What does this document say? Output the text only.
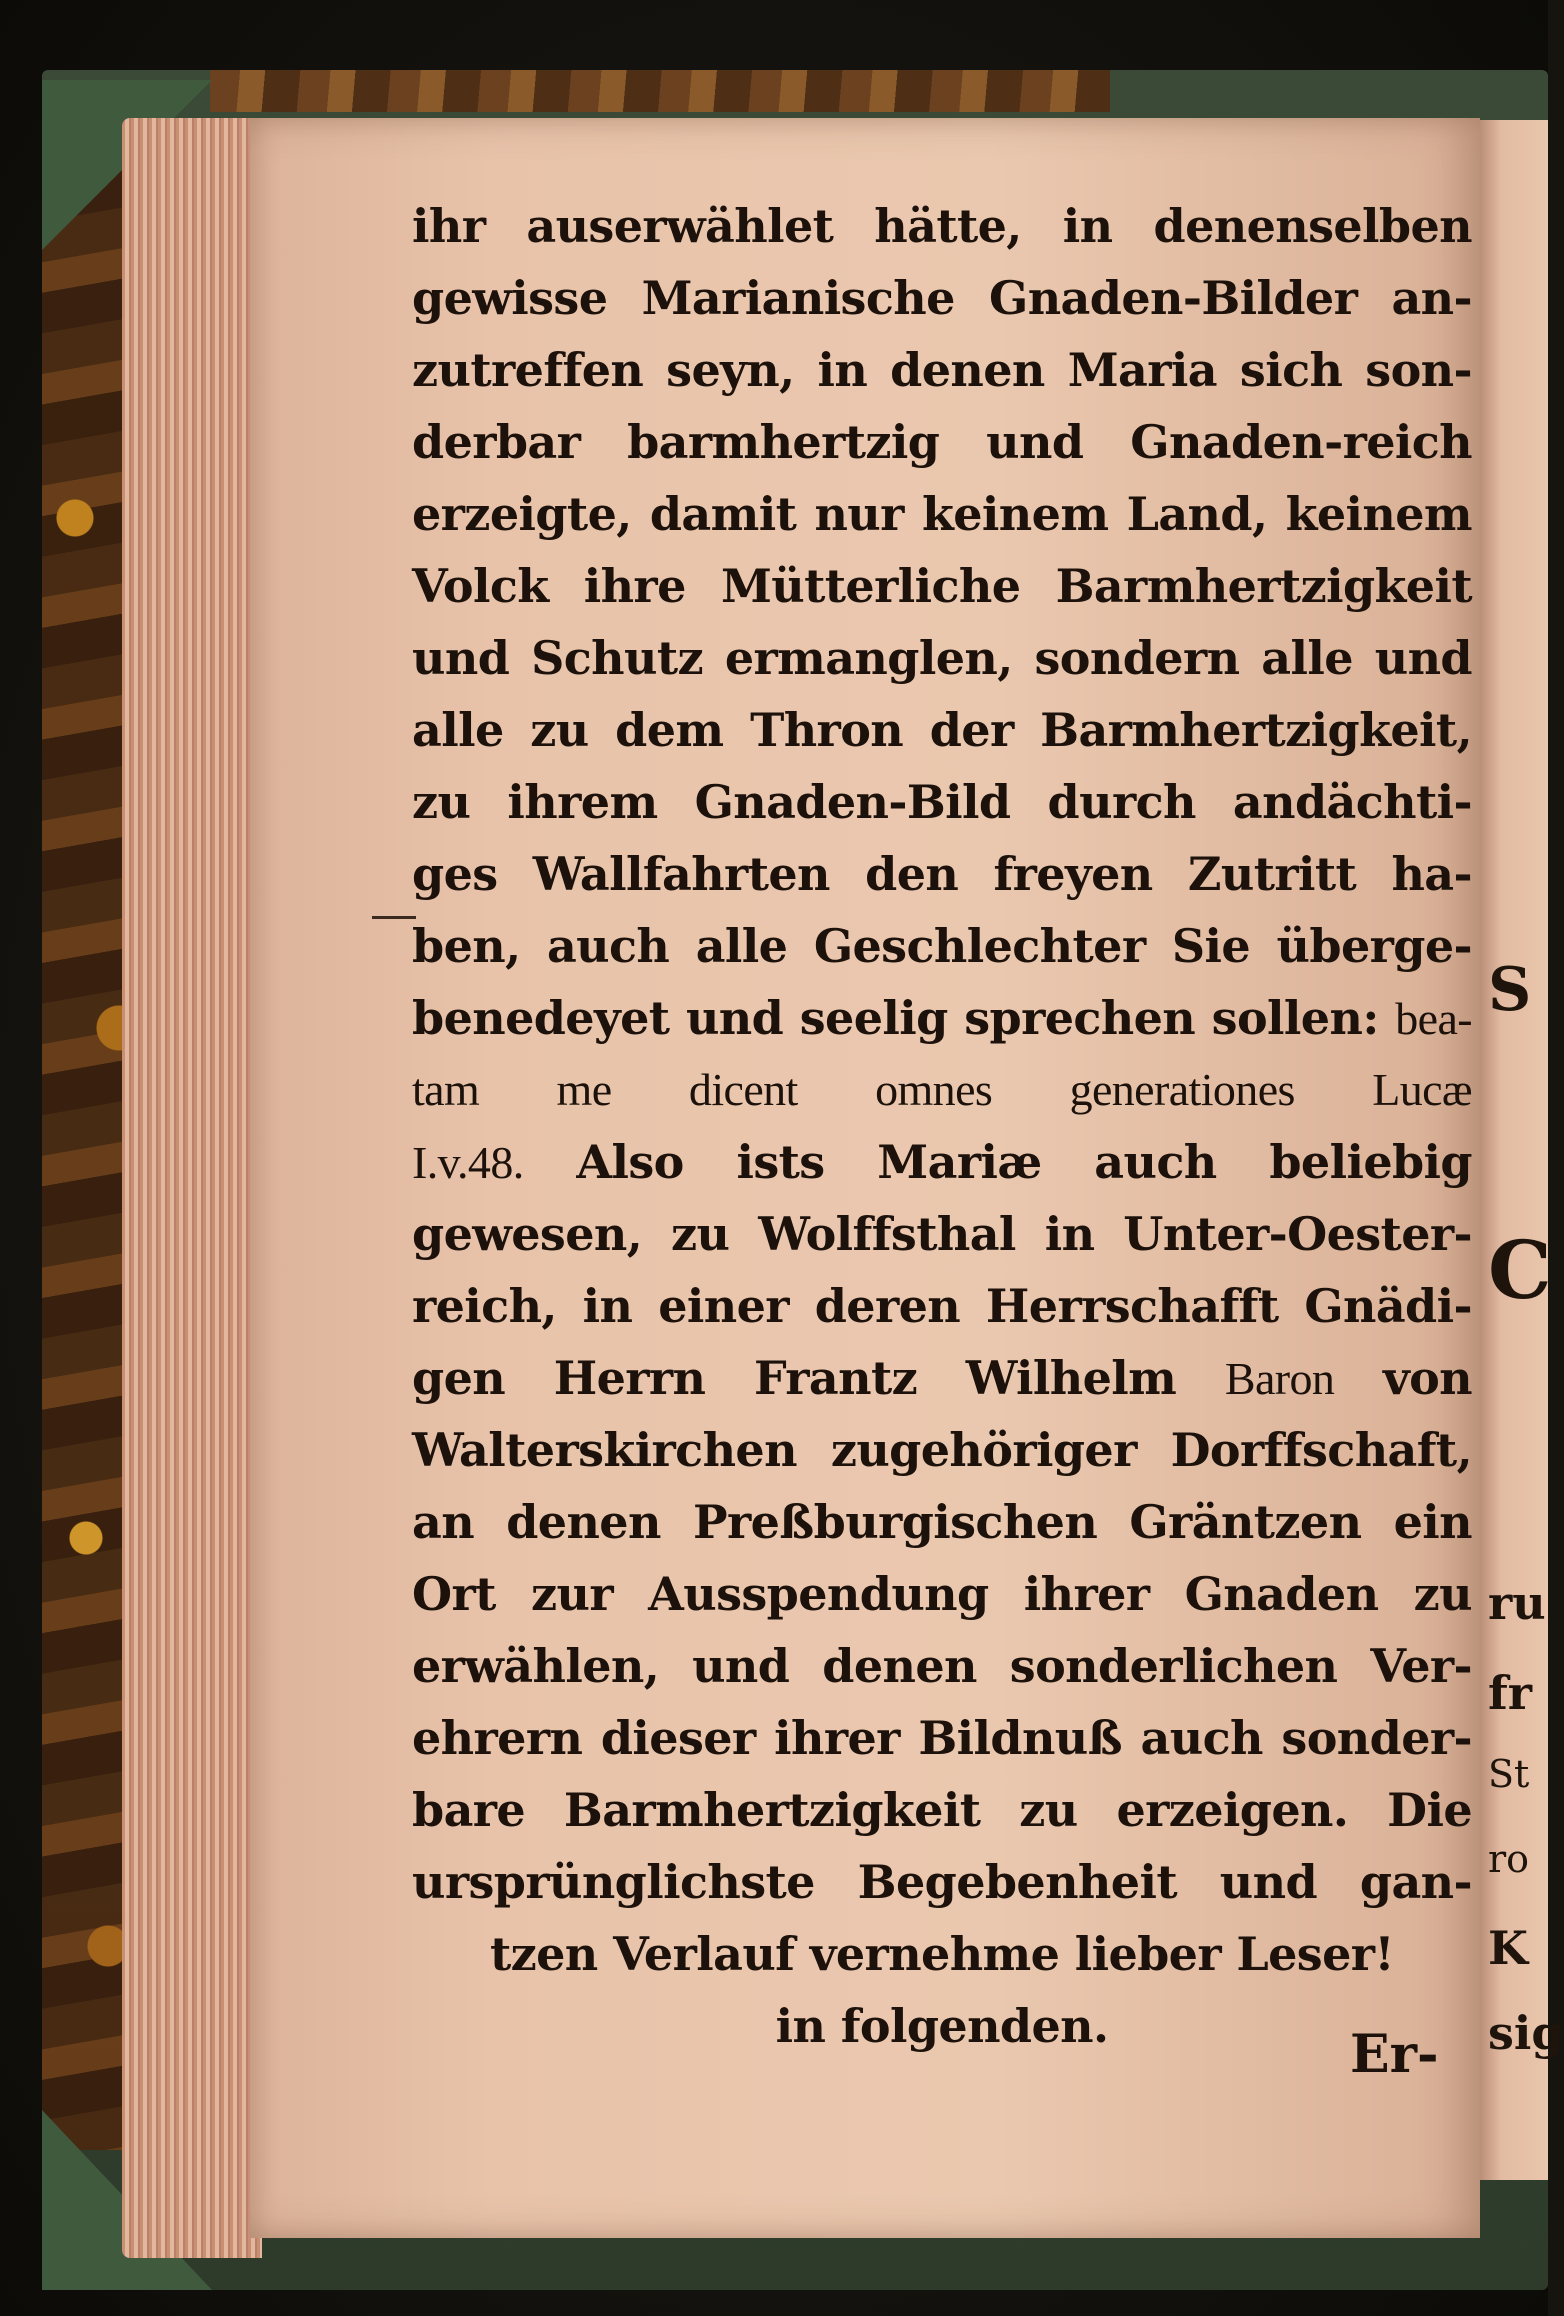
S
C
ru
fr
St
ro
K
sig
ihr auserwählet hätte, in denenselben
gewisse Marianische Gnaden-Bilder an-
zutreffen seyn, in denen Maria sich son-
derbar barmhertzig und Gnaden-reich
erzeigte, damit nur keinem Land, keinem
Volck ihre Mütterliche Barmhertzigkeit
und Schutz ermanglen, sondern alle und
alle zu dem Thron der Barmhertzigkeit,
zu ihrem Gnaden-Bild durch andächti-
ges Wallfahrten den freyen Zutritt ha-
ben, auch alle Geschlechter Sie überge-
benedeyet und seelig sprechen sollen: bea-
tam me dicent omnes generationes Lucæ
I.v.48. Also ists Mariæ auch beliebig
gewesen, zu Wolffsthal in Unter-Oester-
reich, in einer deren Herrschafft Gnädi-
gen Herrn Frantz Wilhelm Baron von
Walterskirchen zugehöriger Dorffschaft,
an denen Preßburgischen Gräntzen ein
Ort zur Ausspendung ihrer Gnaden zu
erwählen, und denen sonderlichen Ver-
ehrern dieser ihrer Bildnuß auch sonder-
bare Barmhertzigkeit zu erzeigen. Die
ursprünglichste Begebenheit und gan-
tzen Verlauf vernehme lieber Leser!
in folgenden.	Er-
